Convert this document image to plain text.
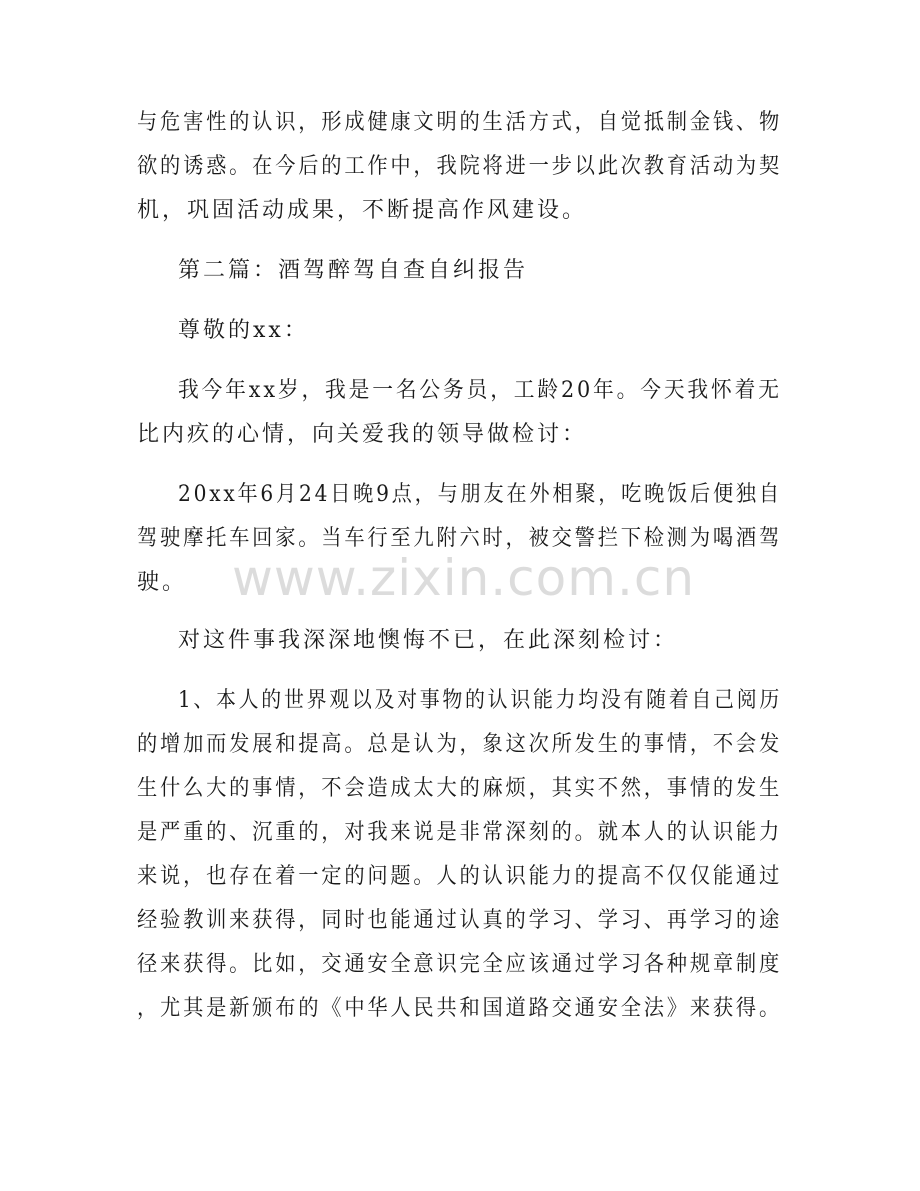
与危害性的认识，形成健康文明的生活方式，自觉抵制金钱、物
欲的诱惑。在今后的工作中，我院将进一步以此次教育活动为契
机，巩固活动成果，不断提高作风建设。
第二篇：酒驾醉驾自查自纠报告
尊敬的xx：
我今年xx岁，我是一名公务员，工龄20年。今天我怀着无
比内疚的心情，向关爱我的领导做检讨：
20xx年6月24日晚9点，与朋友在外相聚，吃晚饭后便独自
驾驶摩托车回家。当车行至九附六时，被交警拦下检测为喝酒驾
驶。
对这件事我深深地懊悔不已，在此深刻检讨：
1、本人的世界观以及对事物的认识能力均没有随着自己阅历
的增加而发展和提高。总是认为，象这次所发生的事情，不会发
生什么大的事情，不会造成太大的麻烦，其实不然，事情的发生
是严重的、沉重的，对我来说是非常深刻的。就本人的认识能力
来说，也存在着一定的问题。人的认识能力的提高不仅仅能通过
经验教训来获得，同时也能通过认真的学习、学习、再学习的途
径来获得。比如，交通安全意识完全应该通过学习各种规章制度
，尤其是新颁布的《中华人民共和国道路交通安全法》来获得。
www.zixin.com.cn
